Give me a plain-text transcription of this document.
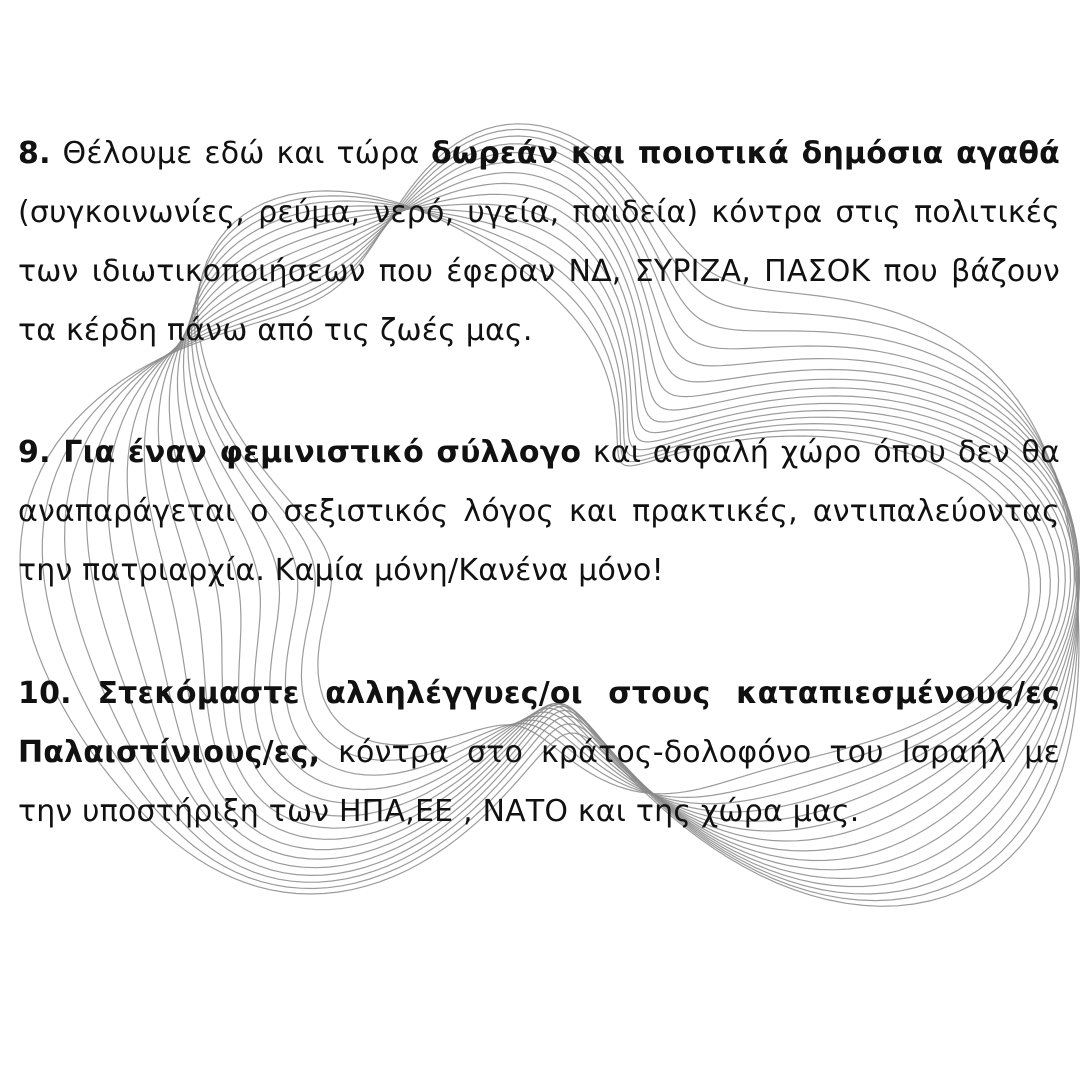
8. Θέλουμε εδώ και τώρα δωρεάν και ποιοτικά δημόσια αγαθά (συγκοινωνίες, ρεύμα, νερό, υγεία, παιδεία) κόντρα στις πολιτικές των ιδιωτικοποιήσεων που έφεραν ΝΔ, ΣΥΡΙΖΑ, ΠΑΣΟΚ που βάζουν τα κέρδη πάνω από τις ζωές μας.

9. Για έναν φεμινιστικό σύλλογο και ασφαλή χώρο όπου δεν θα αναπαράγεται ο σεξιστικός λόγος και πρακτικές, αντιπαλεύοντας την πατριαρχία. Καμία μόνη/Κανένα μόνο!

10. Στεκόμαστε αλληλέγγυες/οι στους καταπιεσμένους/ες Παλαιστίνιους/ες, κόντρα στο κράτος-δολοφόνο του Ισραήλ με την υποστήριξη των ΗΠΑ,ΕΕ , ΝΑΤΟ και της χώρα μας.
